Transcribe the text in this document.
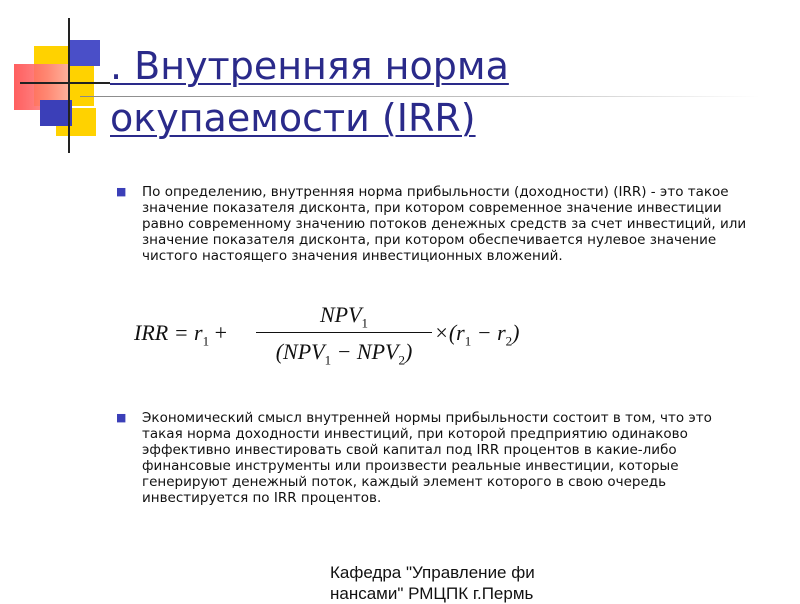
. Внутренняя норма окупаемости (IRR)
■	По определению, внутренняя норма прибыльности (доходности) (IRR) - это такое значение показателя дисконта, при котором современное значение инвестиции равно современному значению потоков денежных средств за счет инвестиций, или значение показателя дисконта, при котором обеспечивается нулевое значение чистого настоящего значения инвестиционных вложений.
IRR = $r_1$ +
$NPV_1$
$(NPV_1 - NPV_2)$
$\times(r_1 - r_2)$
■	Экономический смысл внутренней нормы прибыльности состоит в том, что это такая норма доходности инвестиций, при которой предприятию одинаково эффективно инвестировать свой капитал под IRR процентов в какие-либо финансовые инструменты или произвести реальные инвестиции, которые генерируют денежный поток, каждый элемент которого в свою очередь инвестируется по IRR процентов.
Кафедра "Управление фи нансами" РМЦПК г.Пермь
